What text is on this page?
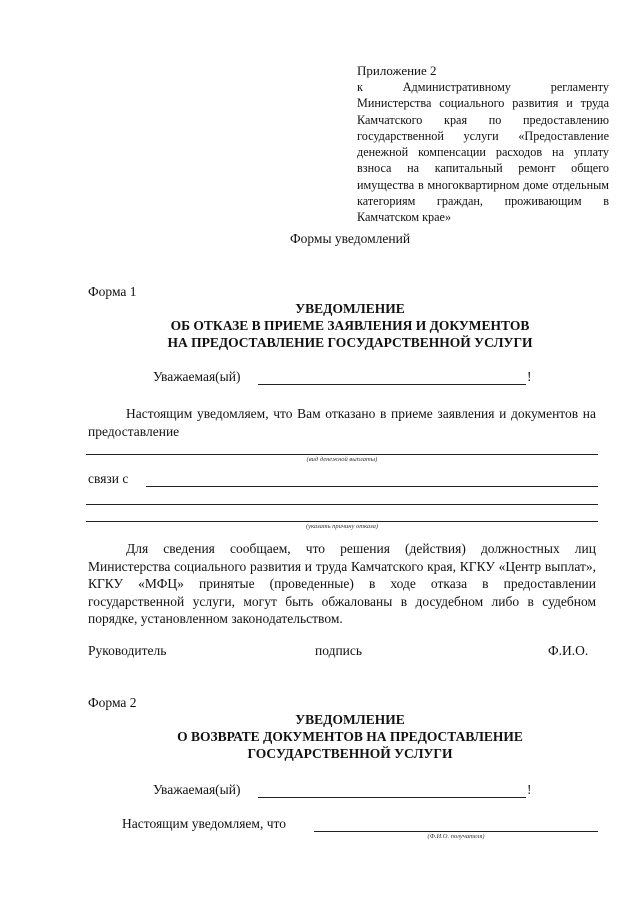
Приложение 2
к Административному регламенту Министерства социального развития и труда Камчатского края по предоставлению государственной услуги «Предоставление денежной компенсации расходов на уплату взноса на капитальный ремонт общего имущества в многоквартирном доме отдельным категориям граждан, проживающим в Камчатском крае»
Формы уведомлений
Форма 1
УВЕДОМЛЕНИЕ
ОБ ОТКАЗЕ В ПРИЕМЕ ЗАЯВЛЕНИЯ И ДОКУМЕНТОВ
НА ПРЕДОСТАВЛЕНИЕ ГОСУДАРСТВЕННОЙ УСЛУГИ
Уважаемая(ый)	!
Настоящим уведомляем, что Вам отказано в приеме заявления и документов на предоставление
(вид денежной выплаты)
связи с
(указать причину отказа)
Для сведения сообщаем, что решения (действия) должностных лиц Министерства социального развития и труда Камчатского края, КГКУ «Центр выплат», КГКУ «МФЦ» принятые (проведенные) в ходе отказа в предоставлении государственной услуги, могут быть обжалованы в досудебном либо в судебном порядке, установленном законодательством.
Руководитель	подпись	Ф.И.О.
Форма 2
УВЕДОМЛЕНИЕ
О ВОЗВРАТЕ ДОКУМЕНТОВ НА ПРЕДОСТАВЛЕНИЕ
ГОСУДАРСТВЕННОЙ УСЛУГИ
Уважаемая(ый)	!
Настоящим уведомляем, что
(Ф.И.О. получателя)
